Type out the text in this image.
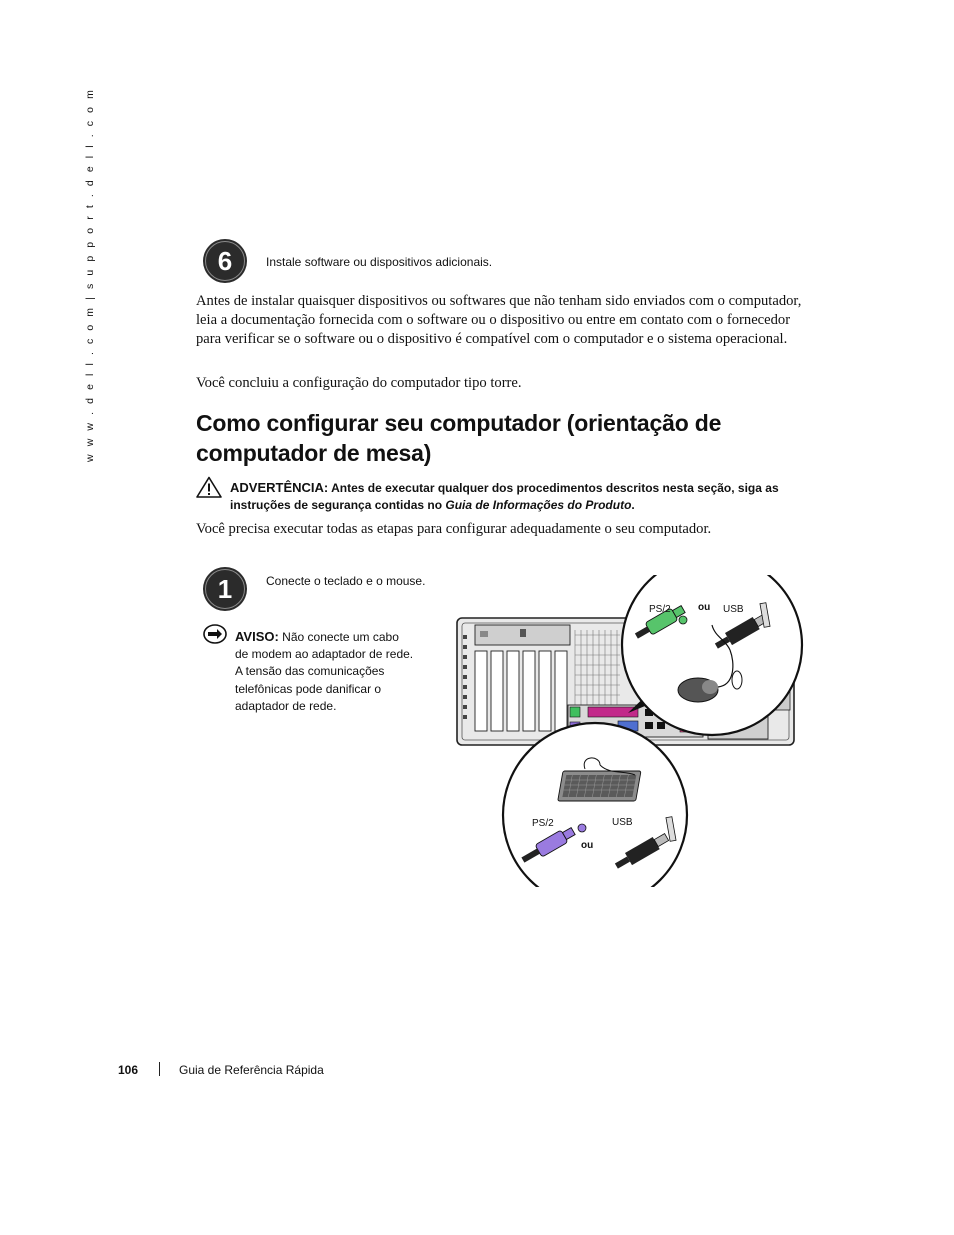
w w w . d e l l . c o m | s u p p o r t . d e l l . c o m	6	Instale software ou dispositivos adicionais.

Antes de instalar quaisquer dispositivos ou softwares que não tenham sido enviados com o computador, leia a documentação fornecida com o software ou o dispositivo ou entre em contato com o fornecedor para verificar se o software ou o dispositivo é compatível com o computador e o sistema operacional.

Você concluiu a configuração do computador tipo torre.

Como configurar seu computador (orientação de computador de mesa)
ADVERTÊNCIA: Antes de executar qualquer dos procedimentos descritos nesta seção, siga as instruções de segurança contidas no Guia de Informações do Produto.

Você precisa executar todas as etapas para configurar adequadamente o seu computador.

1	Conecte o teclado e o mouse.
AVISO: Não conecte um cabo de modem ao adaptador de rede. A tensão das comunicações telefônicas pode danificar o adaptador de rede.
PS/2	ou USB
PS/2	USB
ou
106	Guia de Referência Rápida
